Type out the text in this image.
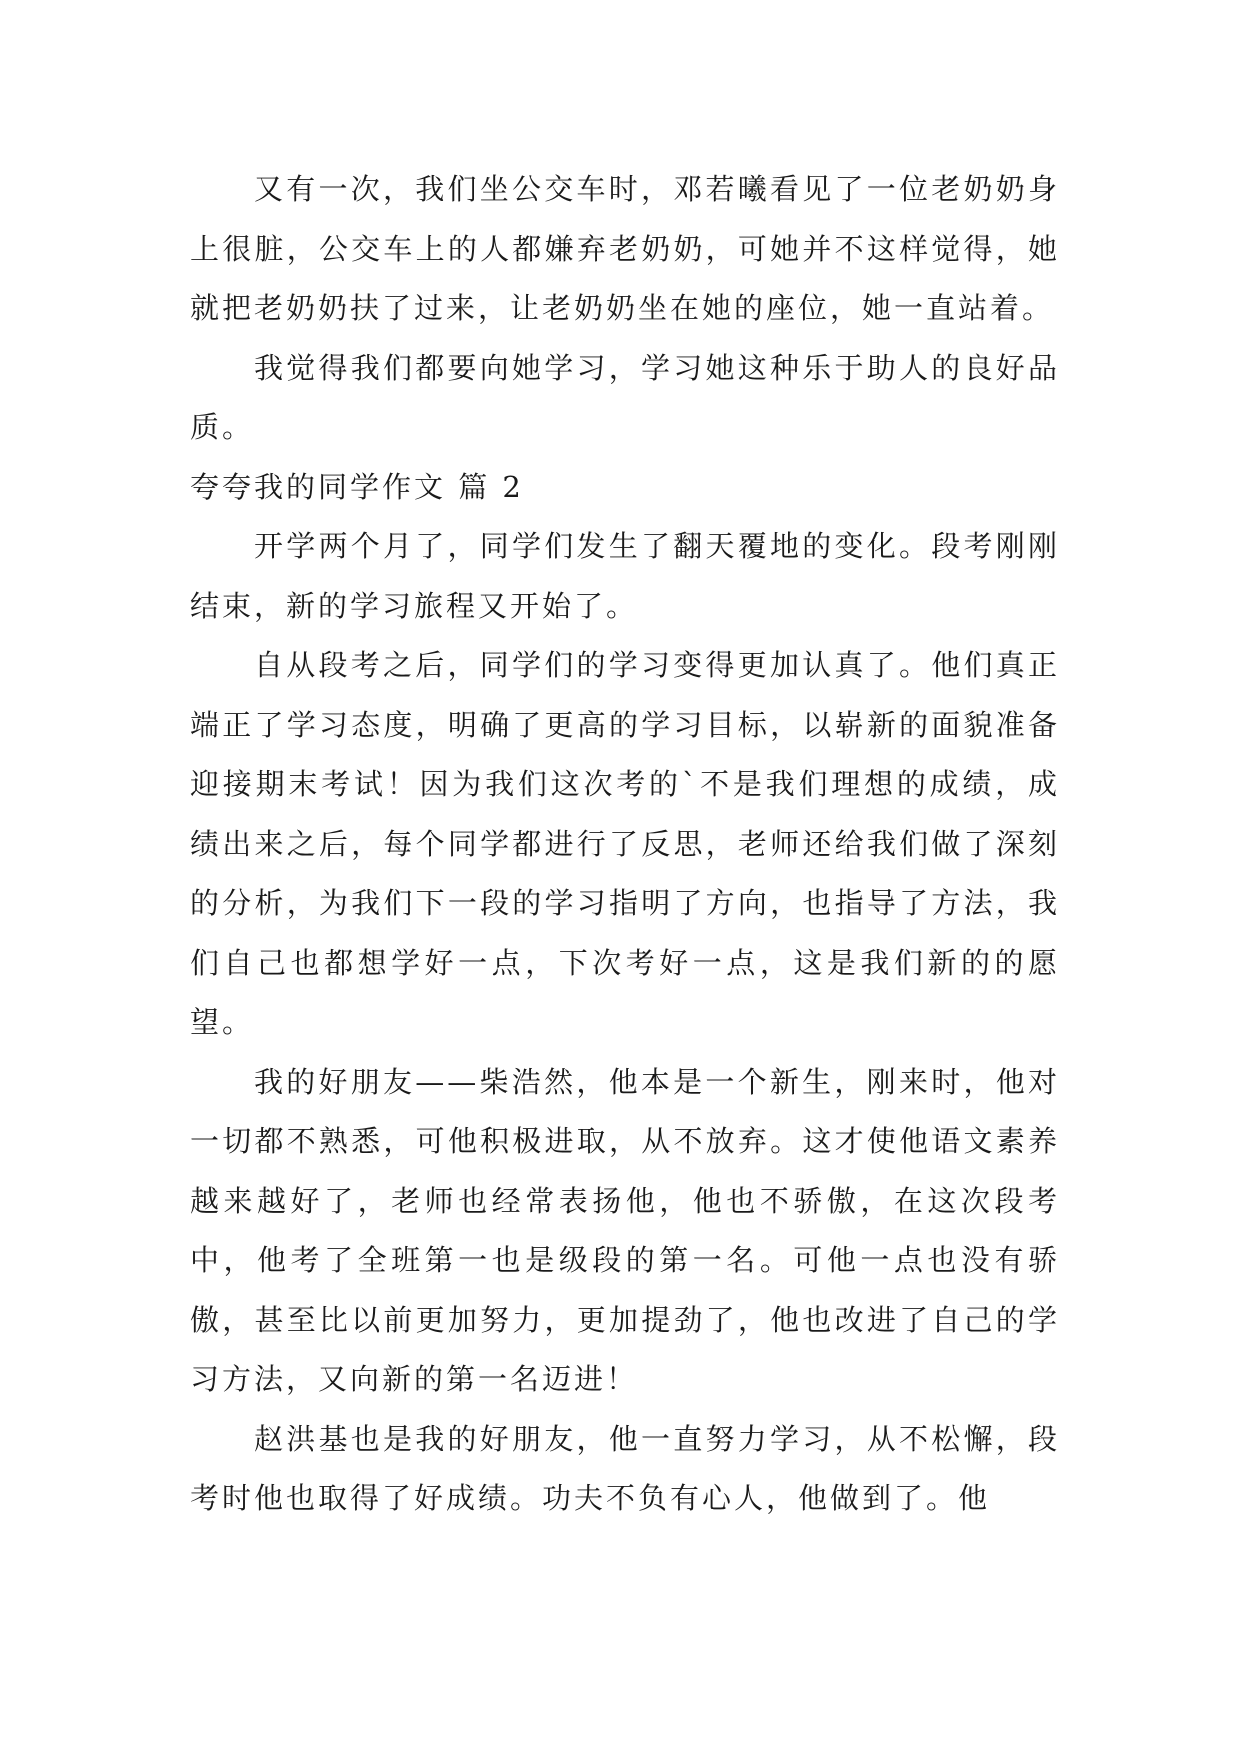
又有一次，我们坐公交车时，邓若曦看见了一位老奶奶身上很脏，公交车上的人都嫌弃老奶奶，可她并不这样觉得，她就把老奶奶扶了过来，让老奶奶坐在她的座位，她一直站着。

我觉得我们都要向她学习，学习她这种乐于助人的良好品质。

夸夸我的同学作文 篇 2

开学两个月了，同学们发生了翻天覆地的变化。段考刚刚结束，新的学习旅程又开始了。

自从段考之后，同学们的学习变得更加认真了。他们真正端正了学习态度，明确了更高的学习目标，以崭新的面貌准备迎接期末考试！因为我们这次考的`不是我们理想的成绩，成绩出来之后，每个同学都进行了反思，老师还给我们做了深刻的分析，为我们下一段的学习指明了方向，也指导了方法，我们自己也都想学好一点，下次考好一点，这是我们新的的愿望。

我的好朋友——柴浩然，他本是一个新生，刚来时，他对一切都不熟悉，可他积极进取，从不放弃。这才使他语文素养越来越好了，老师也经常表扬他，他也不骄傲，在这次段考中，他考了全班第一也是级段的第一名。可他一点也没有骄傲，甚至比以前更加努力，更加提劲了，他也改进了自己的学习方法，又向新的第一名迈进！

赵洪基也是我的好朋友，他一直努力学习，从不松懈，段考时他也取得了好成绩。功夫不负有心人，他做到了。他
